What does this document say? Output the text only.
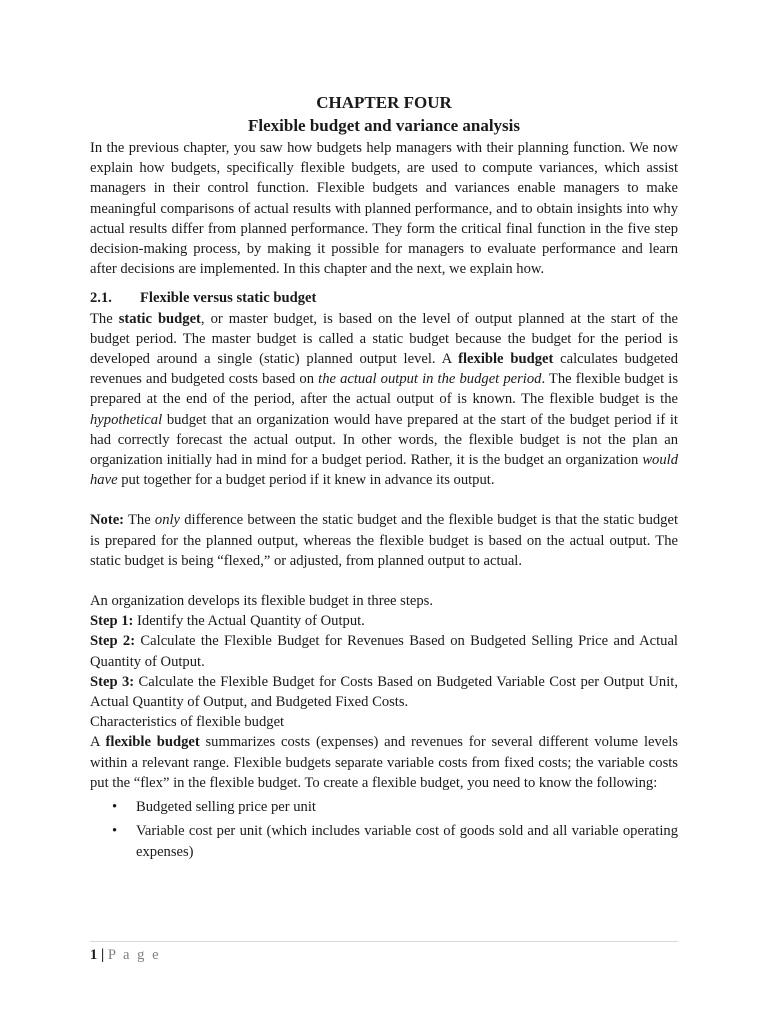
CHAPTER FOUR
Flexible budget and variance analysis

In the previous chapter, you saw how budgets help managers with their planning function. We now explain how budgets, specifically flexible budgets, are used to compute variances, which assist managers in their control function. Flexible budgets and variances enable managers to make meaningful comparisons of actual results with planned performance, and to obtain insights into why actual results differ from planned performance. They form the critical final function in the five step decision-making process, by making it possible for managers to evaluate performance and learn after decisions are implemented. In this chapter and the next, we explain how.

2.1. Flexible versus static budget

The static budget, or master budget, is based on the level of output planned at the start of the budget period. The master budget is called a static budget because the budget for the period is developed around a single (static) planned output level. A flexible budget calculates budgeted revenues and budgeted costs based on the actual output in the budget period. The flexible budget is prepared at the end of the period, after the actual output of is known. The flexible budget is the hypothetical budget that an organization would have prepared at the start of the budget period if it had correctly forecast the actual output. In other words, the flexible budget is not the plan an organization initially had in mind for a budget period. Rather, it is the budget an organization would have put together for a budget period if it knew in advance its output.

Note: The only difference between the static budget and the flexible budget is that the static budget is prepared for the planned output, whereas the flexible budget is based on the actual output. The static budget is being “flexed,” or adjusted, from planned output to actual.

An organization develops its flexible budget in three steps.

Step 1: Identify the Actual Quantity of Output.

Step 2: Calculate the Flexible Budget for Revenues Based on Budgeted Selling Price and Actual Quantity of Output.

Step 3: Calculate the Flexible Budget for Costs Based on Budgeted Variable Cost per Output Unit, Actual Quantity of Output, and Budgeted Fixed Costs.

Characteristics of flexible budget

A flexible budget summarizes costs (expenses) and revenues for several different volume levels within a relevant range. Flexible budgets separate variable costs from fixed costs; the variable costs put the “flex” in the flexible budget. To create a flexible budget, you need to know the following:

• Budgeted selling price per unit
• Variable cost per unit (which includes variable cost of goods sold and all variable operating expenses)
1 | P a g e
